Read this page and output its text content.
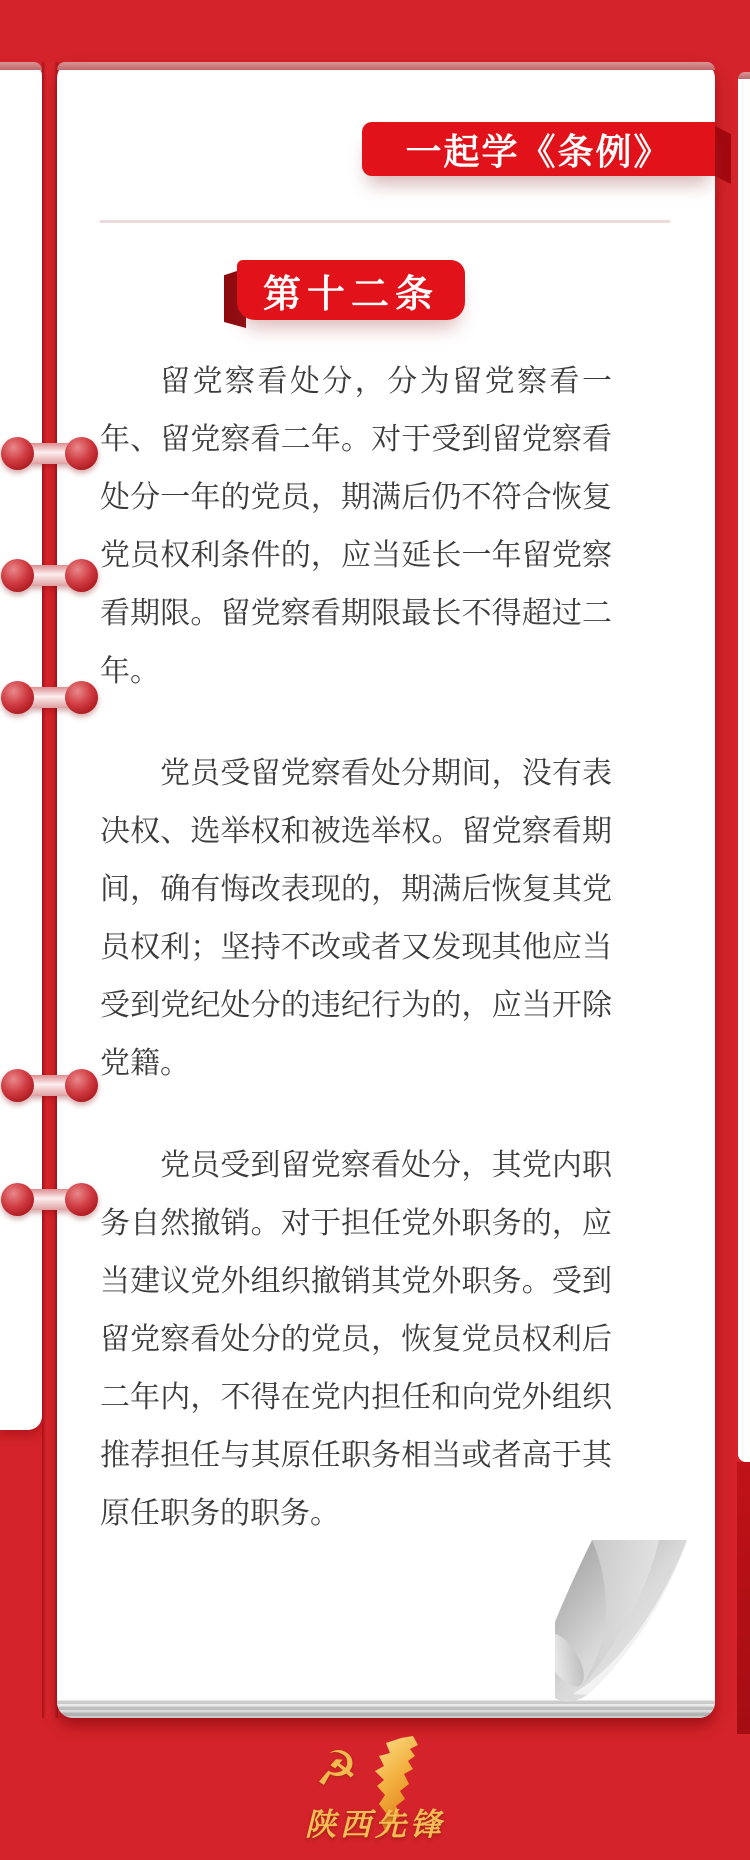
一起学《条例》
第十二条

留党察看处分，分为留党察看一年、留党察看二年。对于受到留党察看处分一年的党员，期满后仍不符合恢复党员权利条件的，应当延长一年留党察看期限。留党察看期限最长不得超过二年。

党员受留党察看处分期间，没有表决权、选举权和被选举权。留党察看期间，确有悔改表现的，期满后恢复其党员权利；坚持不改或者又发现其他应当受到党纪处分的违纪行为的，应当开除党籍。

党员受到留党察看处分，其党内职务自然撤销。对于担任党外职务的，应当建议党外组织撤销其党外职务。受到留党察看处分的党员，恢复党员权利后二年内，不得在党内担任和向党外组织推荐担任与其原任职务相当或者高于其原任职务的职务。

☭
陕西先锋
